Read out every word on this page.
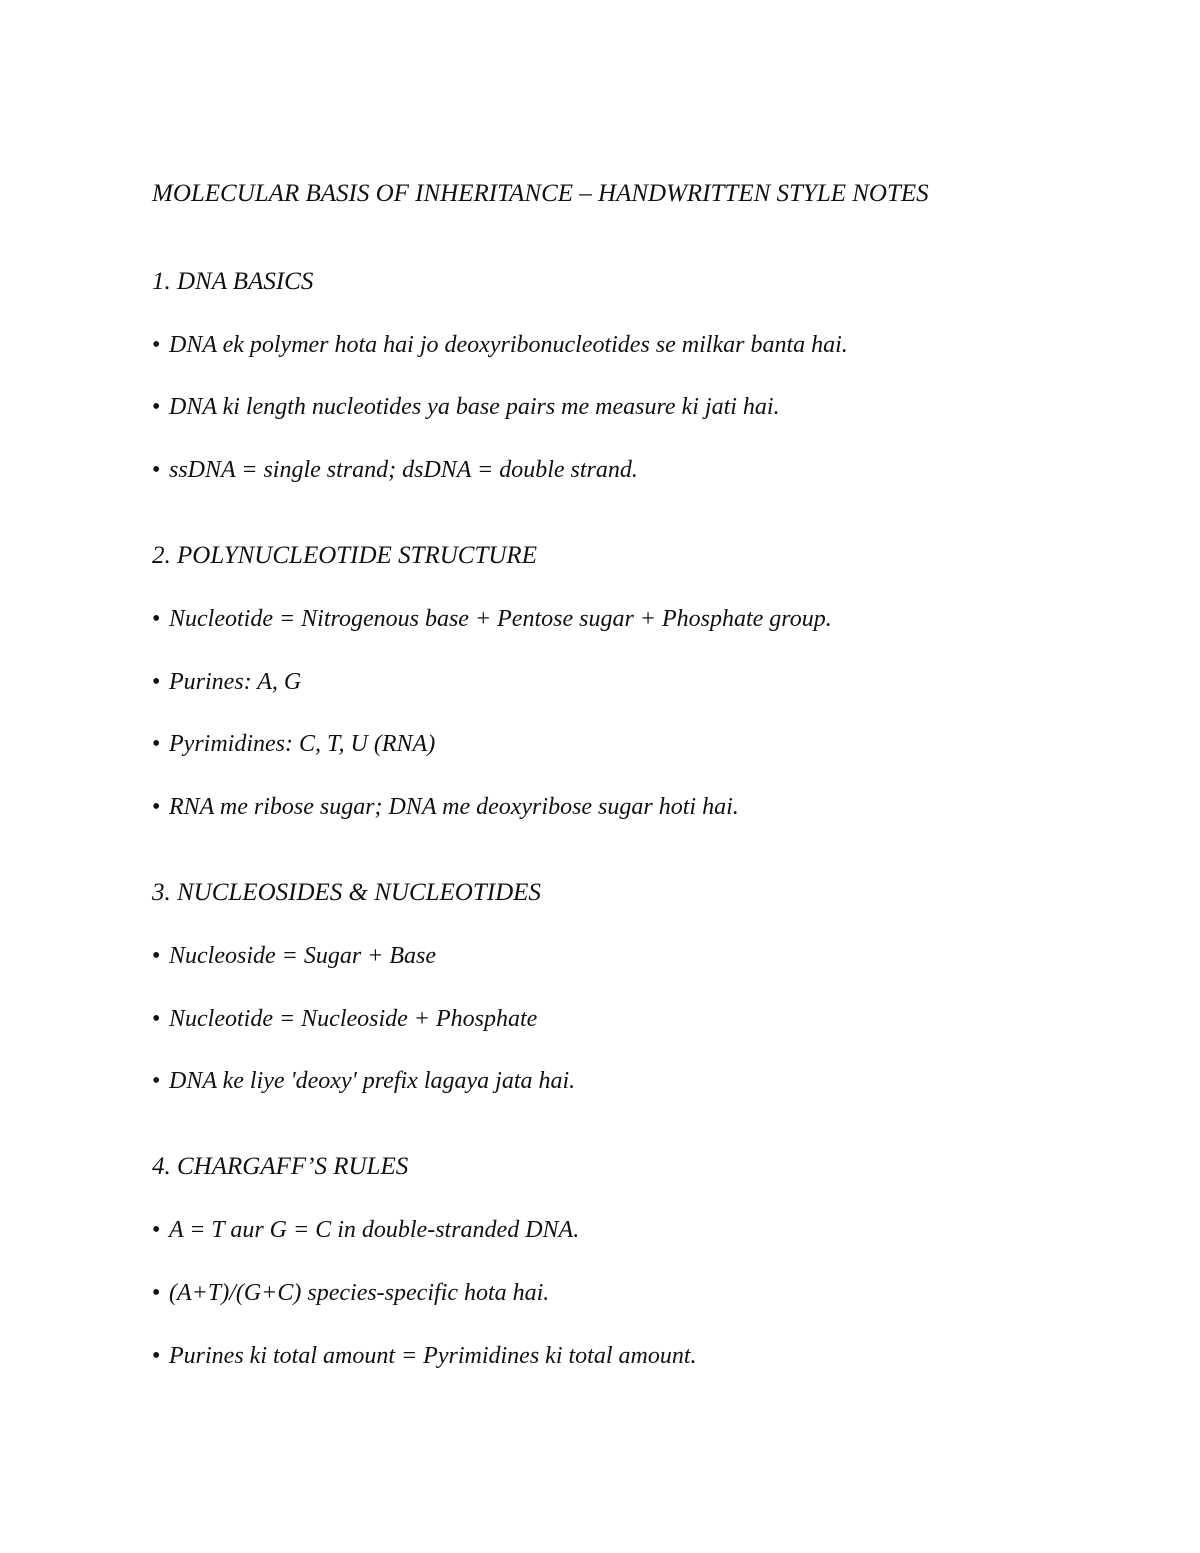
MOLECULAR BASIS OF INHERITANCE – HANDWRITTEN STYLE NOTES
1. DNA BASICS

• DNA ek polymer hota hai jo deoxyribonucleotides se milkar banta hai.

• DNA ki length nucleotides ya base pairs me measure ki jati hai.

• ssDNA = single strand; dsDNA = double strand.

2. POLYNUCLEOTIDE STRUCTURE

• Nucleotide = Nitrogenous base + Pentose sugar + Phosphate group.

• Purines: A, G

• Pyrimidines: C, T, U (RNA)

• RNA me ribose sugar; DNA me deoxyribose sugar hoti hai.

3. NUCLEOSIDES & NUCLEOTIDES

• Nucleoside = Sugar + Base

• Nucleotide = Nucleoside + Phosphate

• DNA ke liye 'deoxy' prefix lagaya jata hai.

4. CHARGAFF’S RULES

• A = T aur G = C in double-stranded DNA.

• (A+T)/(G+C) species-specific hota hai.

• Purines ki total amount = Pyrimidines ki total amount.
